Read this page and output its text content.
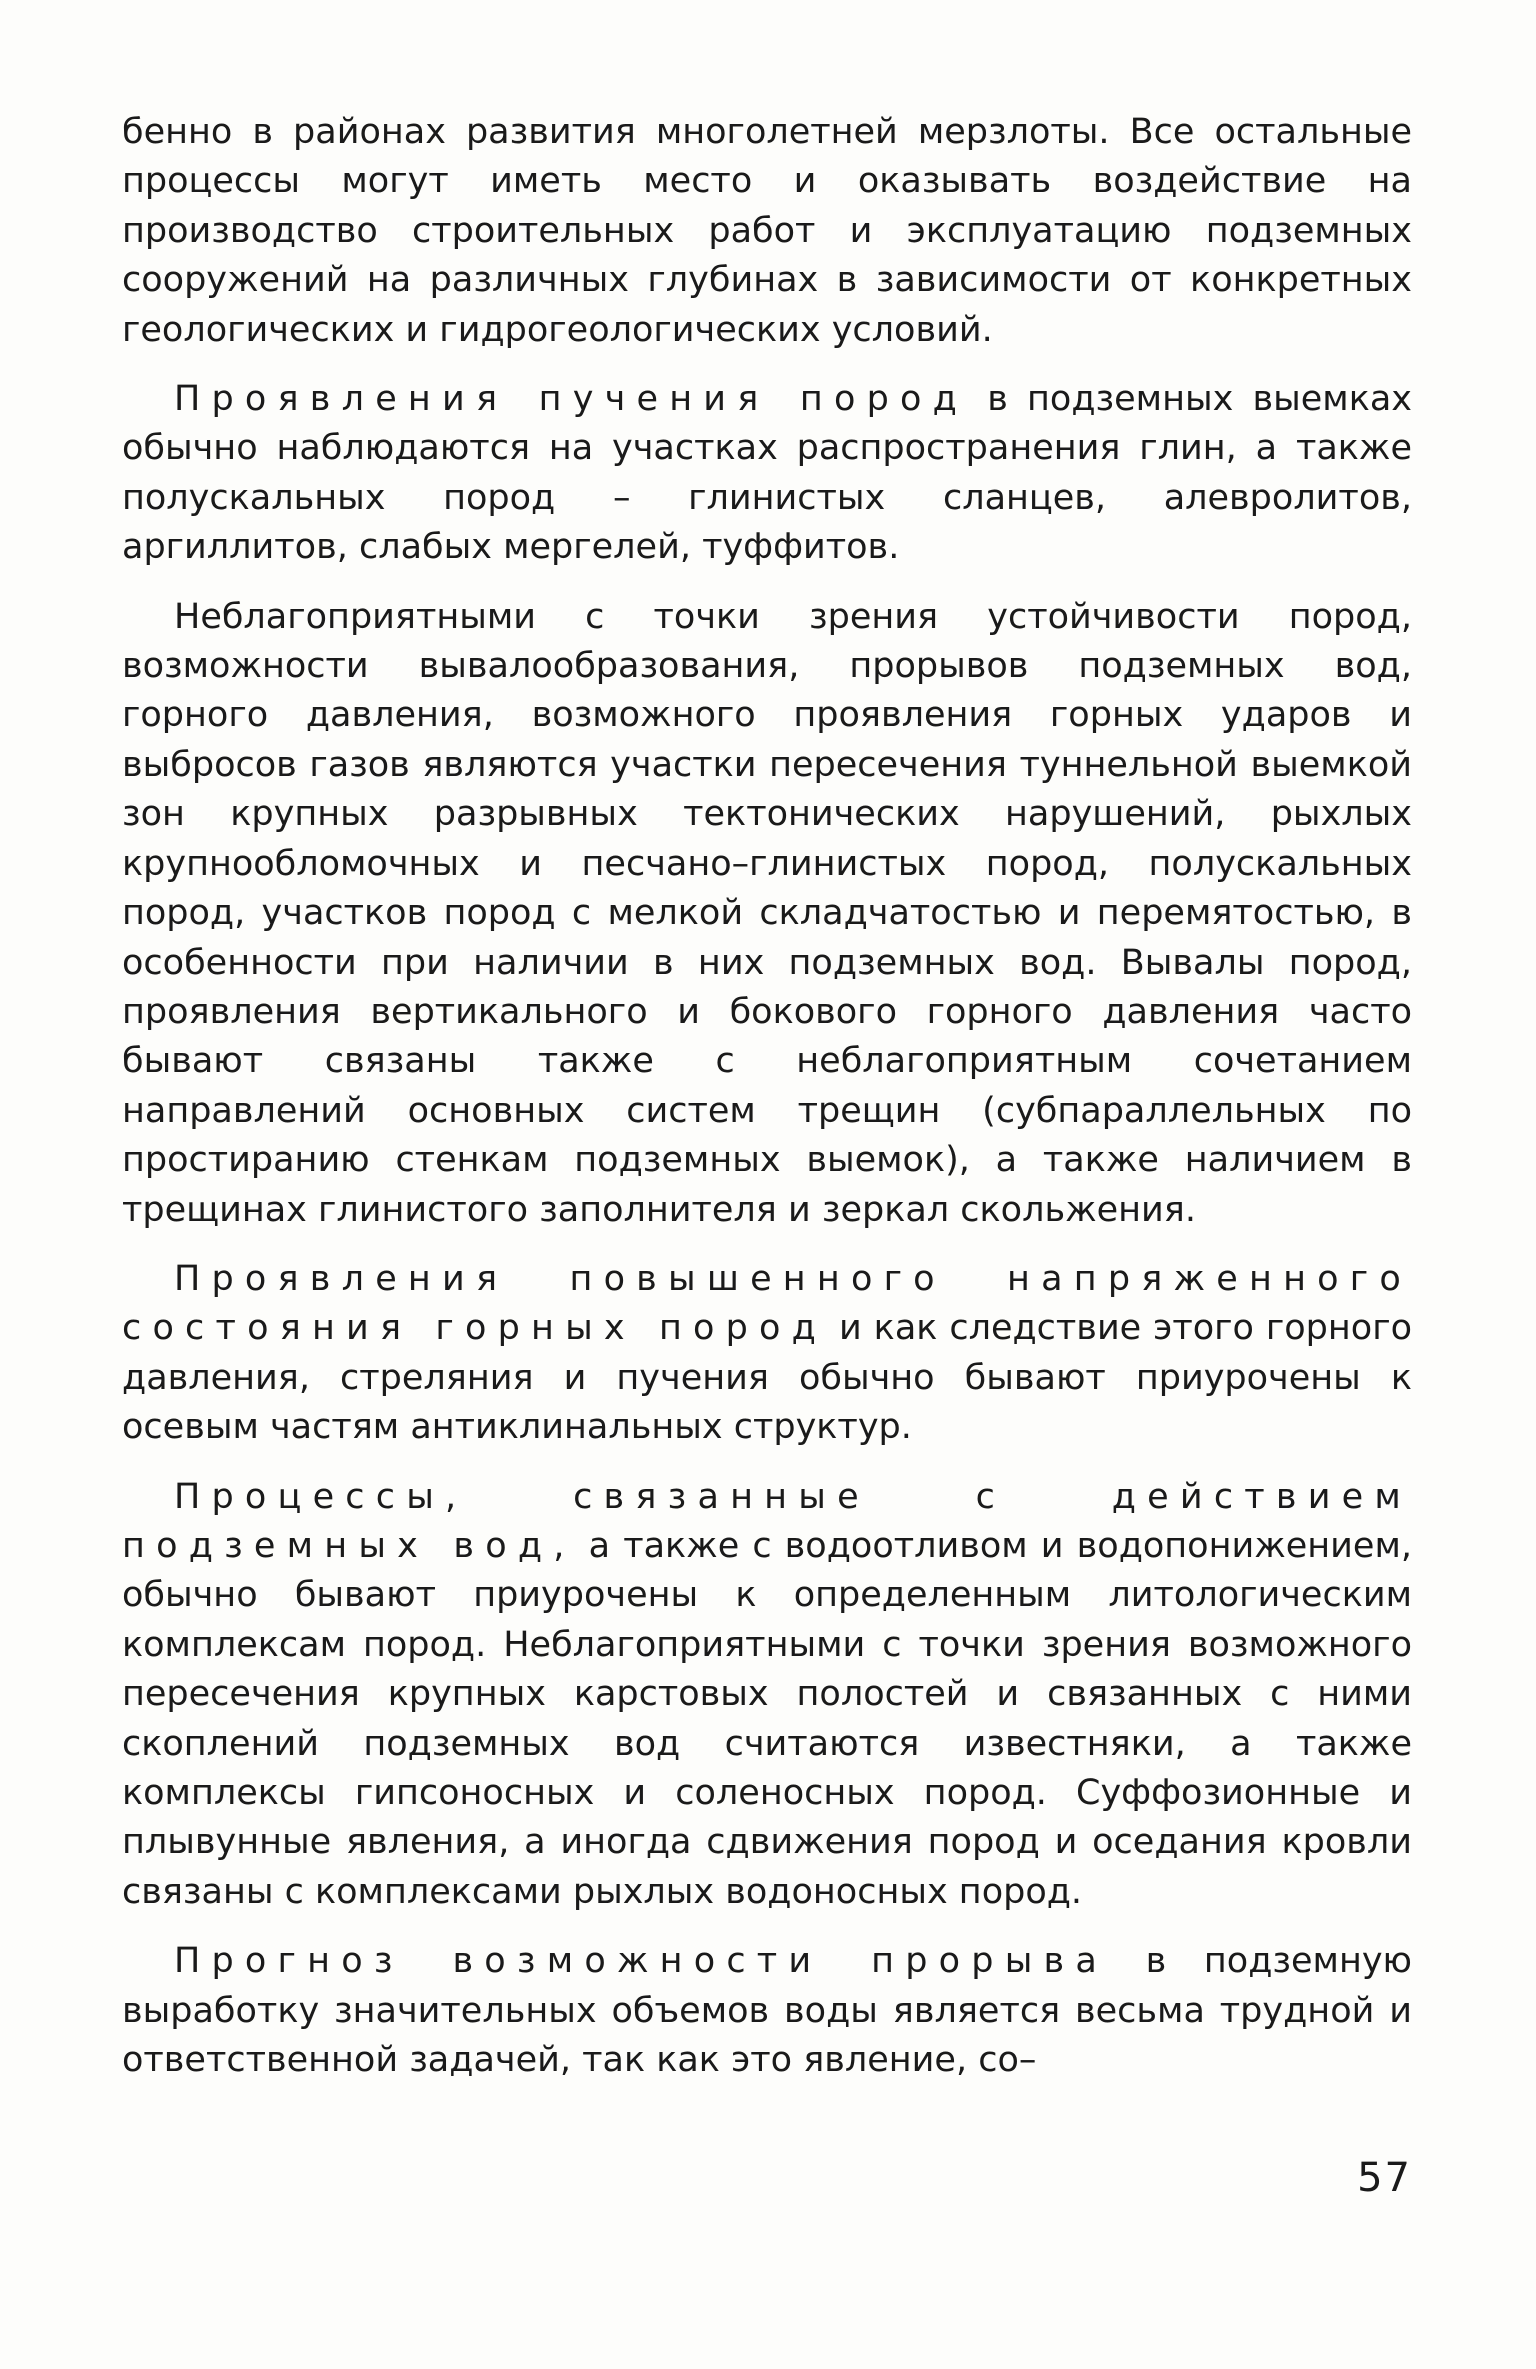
бенно в районах развития многолетней мерзлоты. Все остальные процессы могут иметь место и оказывать воздействие на производство строительных работ и эксплуатацию подземных сооружений на различных глубинах в зависимости от конкретных геологических и гидрогеологических условий.

Проявления пучения пород в подземных выемках обычно наблюдаются на участках распространения глин, а также полускальных пород – глинистых сланцев, алевролитов, аргиллитов, слабых мергелей, туффитов.

Неблагоприятными с точки зрения устойчивости пород, возможности вывалообразования, прорывов подземных вод, горного давления, возможного проявления горных ударов и выбросов газов являются участки пересечения туннельной выемкой зон крупных разрывных тектонических нарушений, рыхлых крупнообломочных и песчано–глинистых пород, полускальных пород, участков пород с мелкой складчатостью и перемятостью, в особенности при наличии в них подземных вод. Вывалы пород, проявления вертикального и бокового горного давления часто бывают связаны также с неблагоприятным сочетанием направлений основных систем трещин (субпараллельных по простиранию стенкам подземных выемок), а также наличием в трещинах глинистого заполнителя и зеркал скольжения.

Проявления повышенного напряженного состояния горных пород и как следствие этого горного давления, стреляния и пучения обычно бывают приурочены к осевым частям антиклинальных структур.

Процессы, связанные с действием подземных вод, а также с водоотливом и водопонижением, обычно бывают приурочены к определенным литологическим комплексам пород. Неблагоприятными с точки зрения возможного пересечения крупных карстовых полостей и связанных с ними скоплений подземных вод считаются известняки, а также комплексы гипсоносных и соленосных пород. Суффозионные и плывунные явления, а иногда сдвижения пород и оседания кровли связаны с комплексами рыхлых водоносных пород.

Прогноз возможности прорыва в подземную выработку значительных объемов воды является весьма трудной и ответственной задачей, так как это явление, со–

57
